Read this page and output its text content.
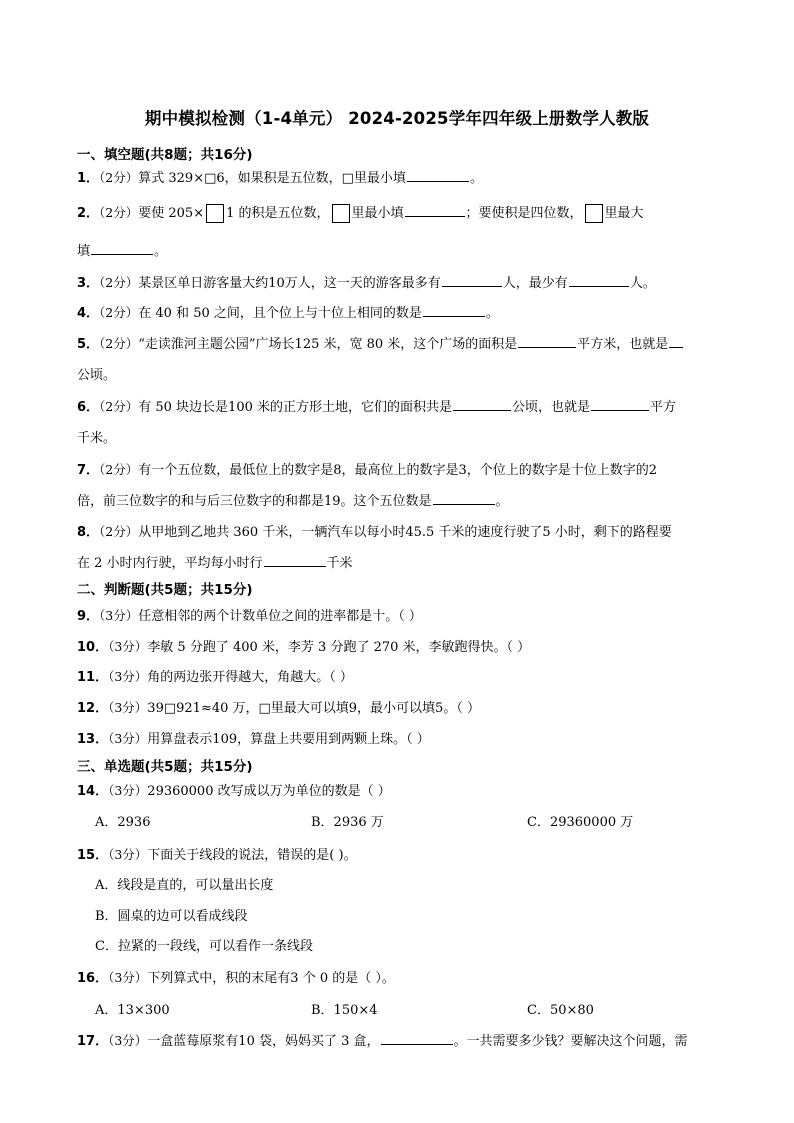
期中模拟检测（1-4单元） 2024-2025学年四年级上册数学人教版
一、填空题(共8题；共16分)
1．（2分）算式 329×□6，如果积是五位数，□里最小填	。
2．（2分）要使 205× 1 的积是五位数， 里最小填	；要使积是四位数， 里最大
填	。
3．（2分）某景区单日游客量大约10万人，这一天的游客最多有	人，最少有	人。
4．（2分）在 40 和 50 之间，且个位上与十位上相同的数是	。
5．（2分）“走读淮河主题公园”广场长125 米，宽 80 米，这个广场的面积是	平方米，也就是
公顷。
6．（2分）有 50 块边长是100 米的正方形土地，它们的面积共是	公顷，也就是	平方
千米。
7．（2分）有一个五位数，最低位上的数字是8，最高位上的数字是3，个位上的数字是十位上数字的2
倍，前三位数字的和与后三位数字的和都是19。这个五位数是	。
8．（2分）从甲地到乙地共 360 千米，一辆汽车以每小时45.5 千米的速度行驶了5 小时，剩下的路程要
在 2 小时内行驶，平均每小时行	千米
二、判断题(共5题；共15分)
9．（3分）任意相邻的两个计数单位之间的进率都是十。（ ）
10．（3分）李敏 5 分跑了 400 米，李芳 3 分跑了 270 米，李敏跑得快。（ ）
11．（3分）角的两边张开得越大，角越大。（ ）
12．（3分）39□921≈40 万，□里最大可以填9，最小可以填5。（ ）
13．（3分）用算盘表示109，算盘上共要用到两颗上珠。（ ）
三、单选题(共5题；共15分)
14．（3分）29360000 改写成以万为单位的数是（ ）
A．2936	B．2936 万	C．29360000 万
15．（3分）下面关于线段的说法，错误的是( )。
A．线段是直的，可以量出长度
B．圆桌的边可以看成线段
C．拉紧的一段线，可以看作一条线段
16．（3分）下列算式中，积的末尾有3 个 0 的是（ ）。
A．13×300	B．150×4	C．50×80
17．（3分）一盒蓝莓原浆有10 袋，妈妈买了 3 盒，	。一共需要多少钱？要解决这个问题，需
